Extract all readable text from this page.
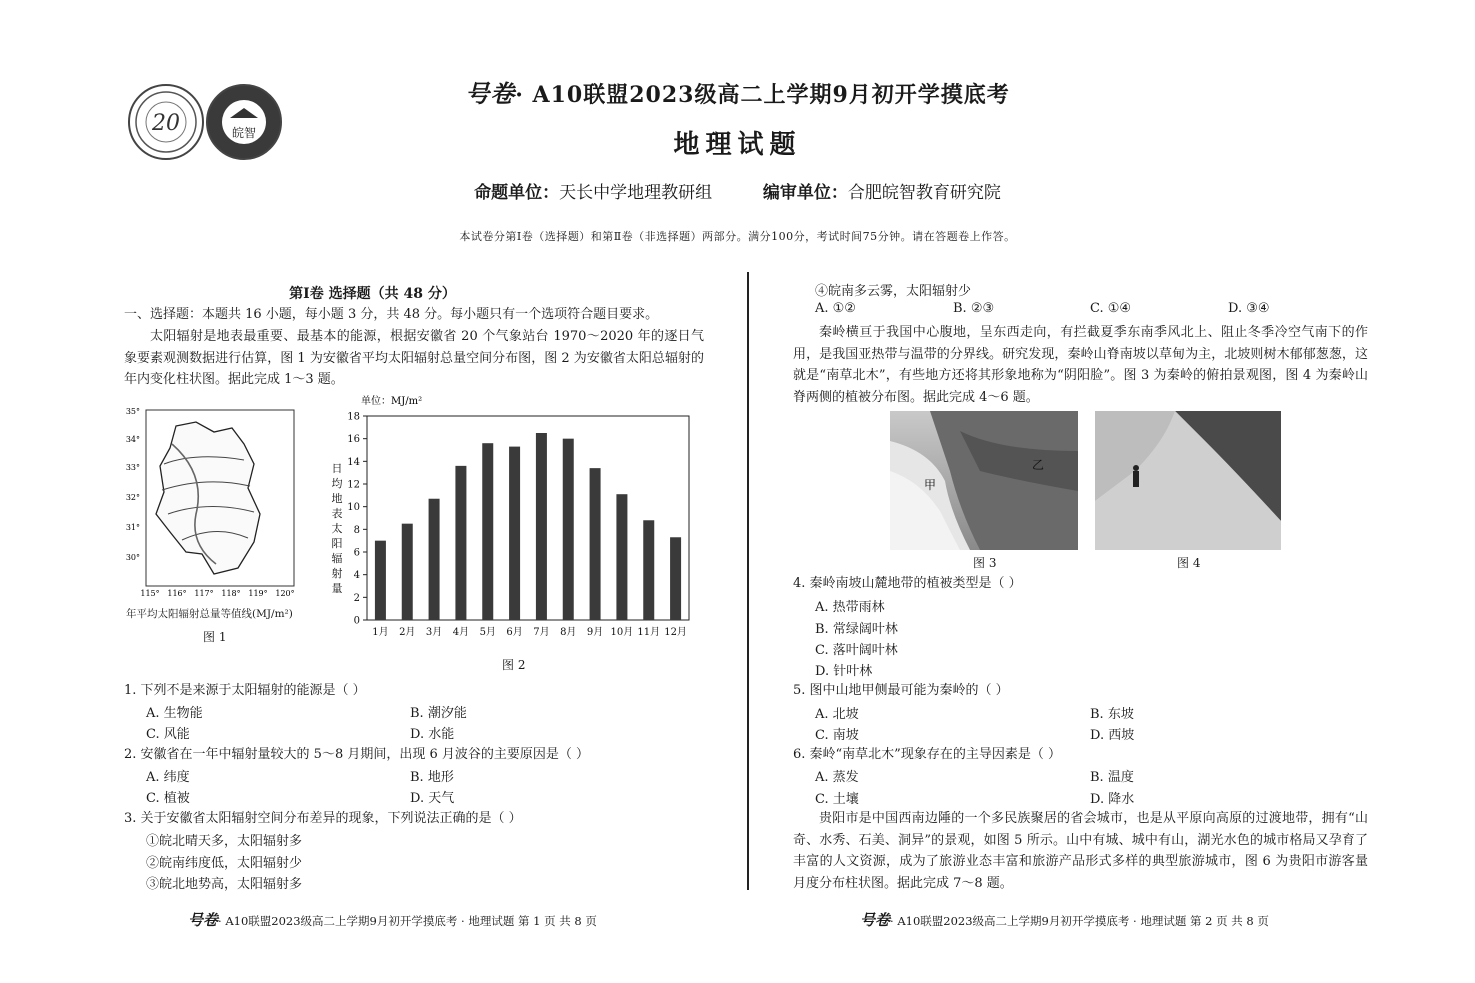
20	皖智
号卷· A10联盟2023级高二上学期9月初开学摸底考
地理试题
命题单位：天长中学地理教研组	编审单位：合肥皖智教育研究院
本试卷分第Ⅰ卷（选择题）和第Ⅱ卷（非选择题）两部分。满分100分，考试时间75分钟。请在答题卷上作答。
第Ⅰ卷 选择题（共 48 分）
一、选择题：本题共 16 小题，每小题 3 分，共 48 分。每小题只有一个选项符合题目要求。
太阳辐射是地表最重要、最基本的能源，根据安徽省 20 个气象站台 1970～2020 年的逐日气象要素观测数据进行估算，图 1 为安徽省平均太阳辐射总量空间分布图，图 2 为安徽省太阳总辐射的年内变化柱状图。据此完成 1～3 题。
35°
34°
33°
32°
31°
30°
115° 116° 117° 118° 119° 120°
年平均太阳辐射总量等值线(MJ/m²)
图 1
单位：MJ/m²
0
2
4
6
8
10
12
14
16
18
日
均
地
表
太
阳
辐
射
量
1月 2月 3月 4月 5月 6月 7月 8月 9月 10月 11月 12月
图 2
1. 下列不是来源于太阳辐射的能源是（ ）
A. 生物能	B. 潮汐能
C. 风能	D. 水能
2. 安徽省在一年中辐射量较大的 5～8 月期间，出现 6 月波谷的主要原因是（ ）
A. 纬度	B. 地形
C. 植被	D. 天气
3. 关于安徽省太阳辐射空间分布差异的现象，下列说法正确的是（ ）
①皖北晴天多，太阳辐射多
②皖南纬度低，太阳辐射少
③皖北地势高，太阳辐射多
④皖南多云雾，太阳辐射少
A. ①②	B. ②③	C. ①④	D. ③④
秦岭横亘于我国中心腹地，呈东西走向，有拦截夏季东南季风北上、阻止冬季冷空气南下的作用，是我国亚热带与温带的分界线。研究发现，秦岭山脊南坡以草甸为主，北坡则树木郁郁葱葱，这就是“南草北木”，有些地方还将其形象地称为“阴阳脸”。图 3 为秦岭的俯拍景观图，图 4 为秦岭山脊两侧的植被分布图。据此完成 4～6 题。
甲
乙
图 3	图 4
4. 秦岭南坡山麓地带的植被类型是（ ）
A. 热带雨林
B. 常绿阔叶林
C. 落叶阔叶林
D. 针叶林
5. 图中山地甲侧最可能为秦岭的（ ）
A. 北坡	B. 东坡
C. 南坡	D. 西坡
6. 秦岭“南草北木”现象存在的主导因素是（ ）
A. 蒸发	B. 温度
C. 土壤	D. 降水
贵阳市是中国西南边陲的一个多民族聚居的省会城市，也是从平原向高原的过渡地带，拥有“山奇、水秀、石美、洞异”的景观，如图 5 所示。山中有城、城中有山，湖光水色的城市格局又孕育了丰富的人文资源，成为了旅游业态丰富和旅游产品形式多样的典型旅游城市，图 6 为贵阳市游客量月度分布柱状图。据此完成 7～8 题。
号卷· A10联盟2023级高二上学期9月初开学摸底考 · 地理试题 第 1 页 共 8 页	号卷· A10联盟2023级高二上学期9月初开学摸底考 · 地理试题 第 2 页 共 8 页
